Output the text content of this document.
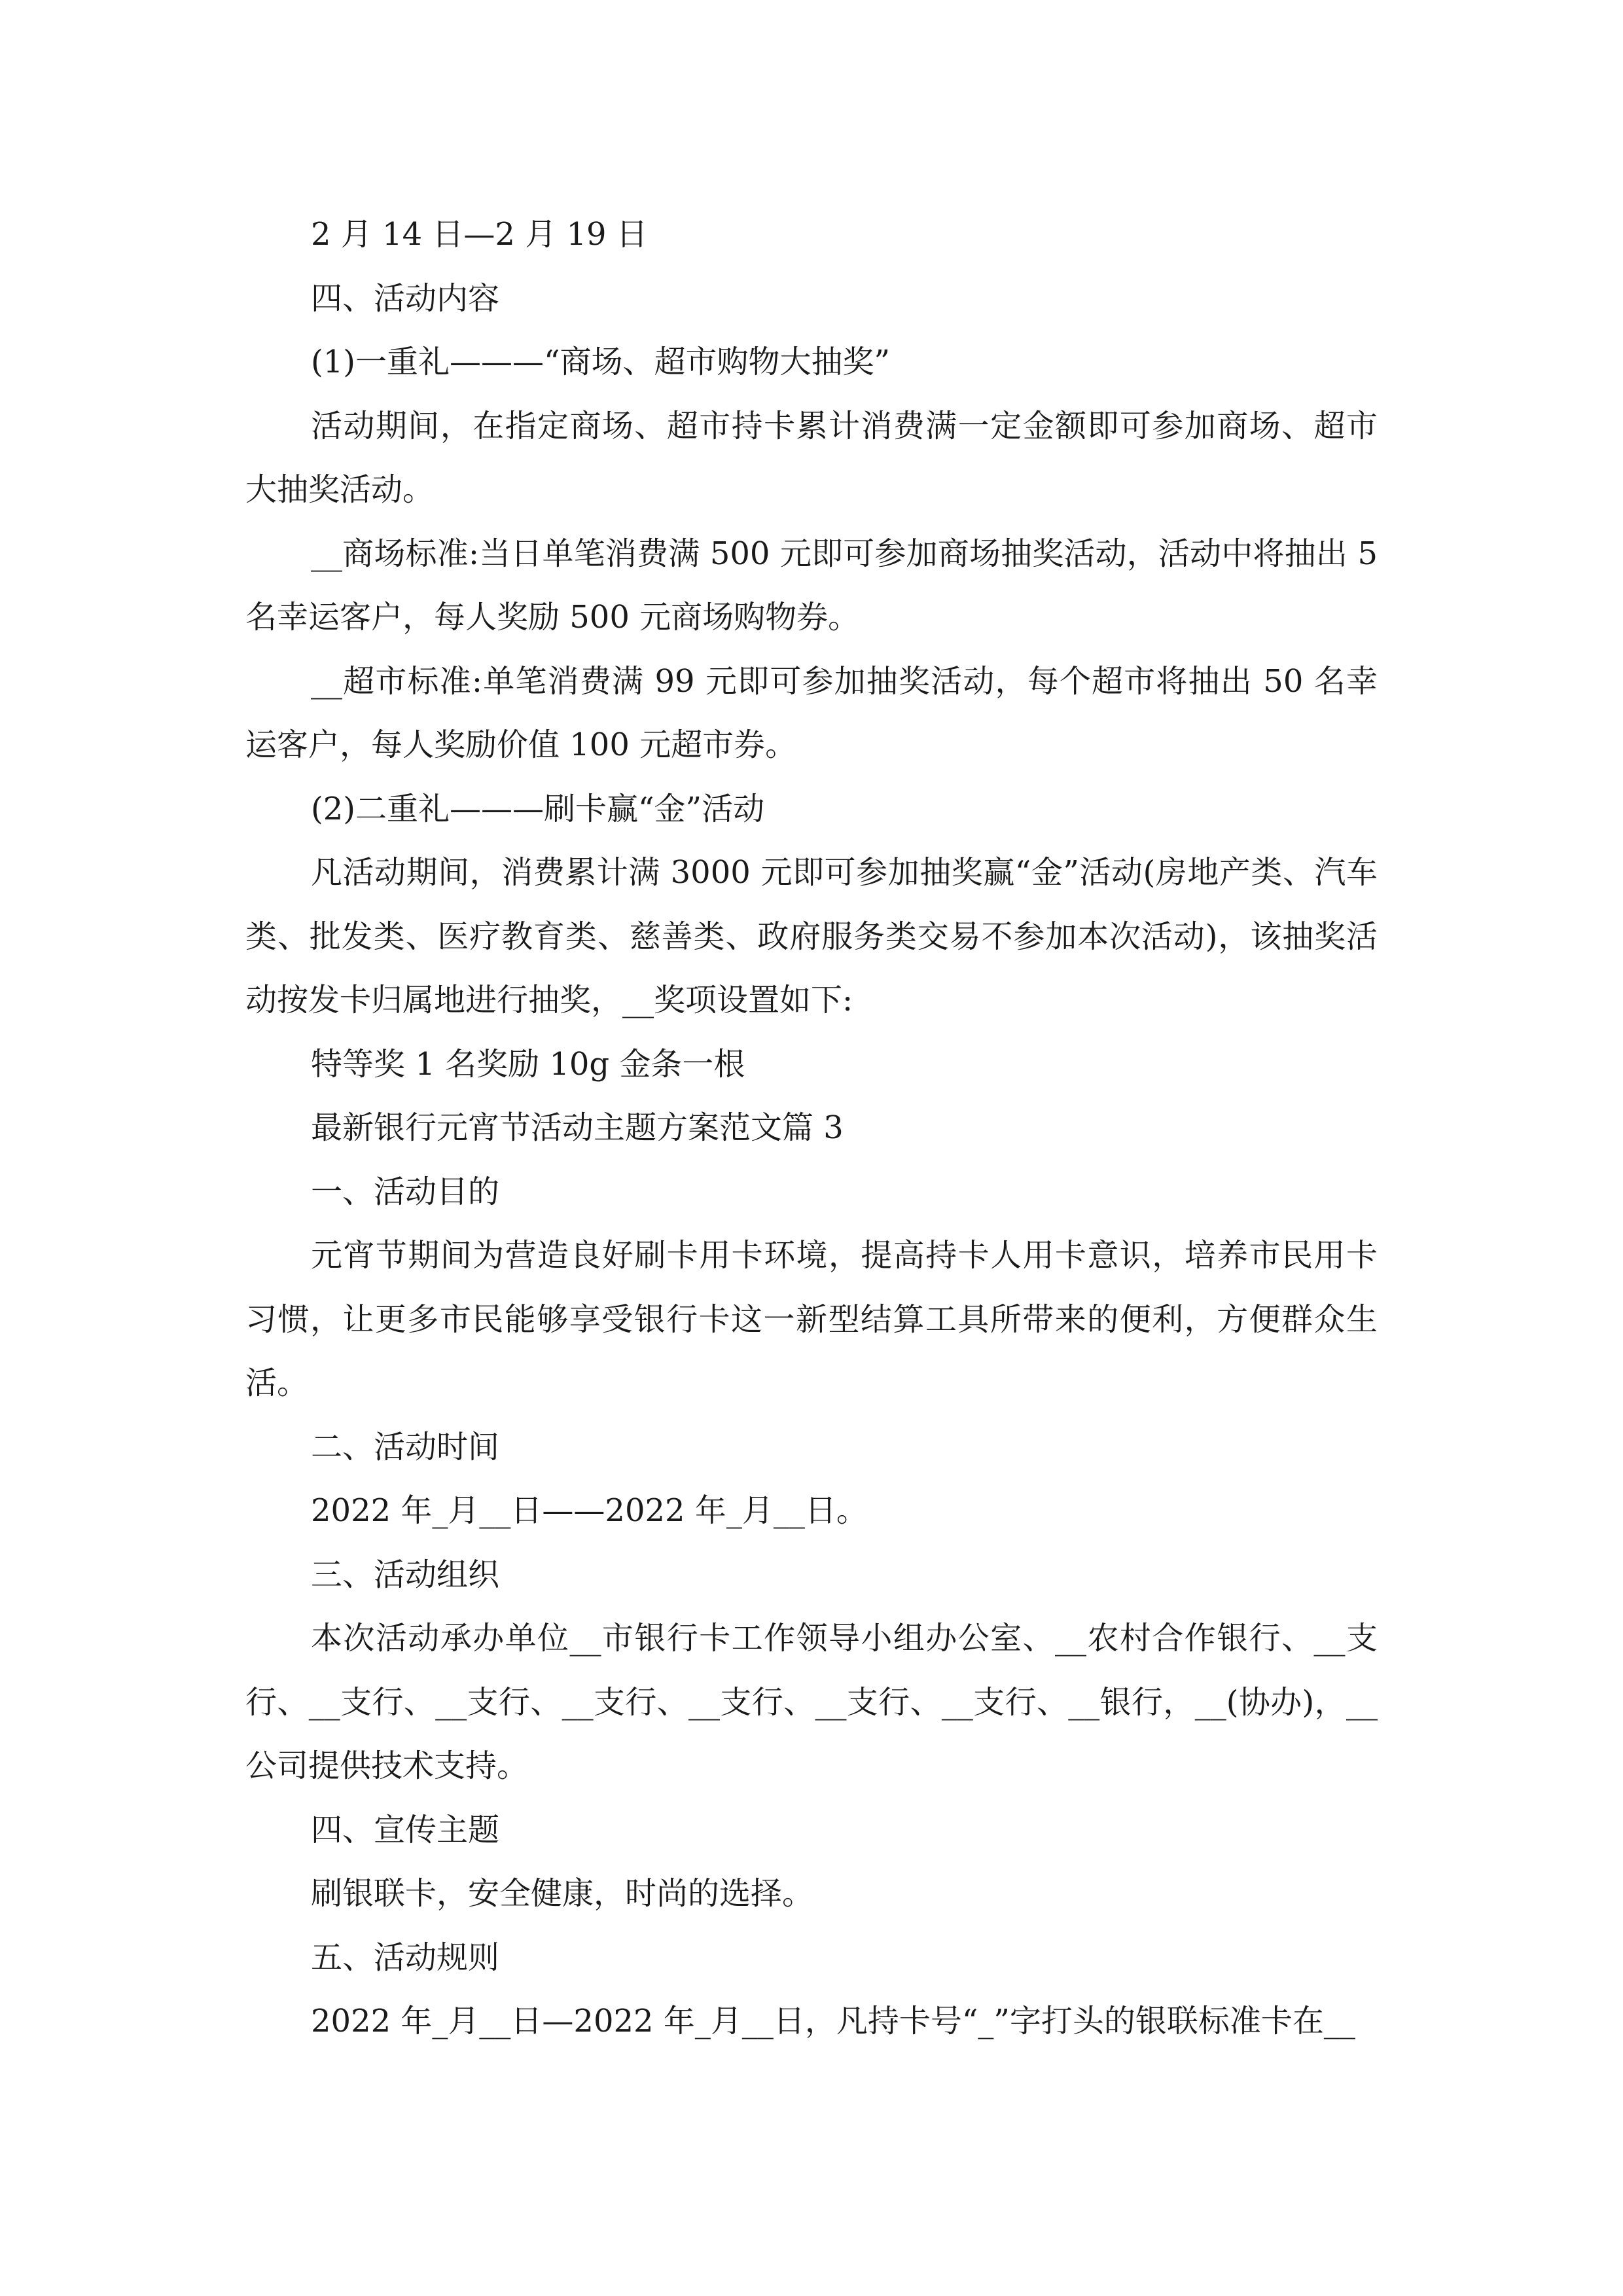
2 月 14 日—2 月 19 日

四、活动内容

(1)一重礼———“商场、超市购物大抽奖”

活动期间，在指定商场、超市持卡累计消费满一定金额即可参加商场、超市大抽奖活动。

__商场标准:当日单笔消费满 500 元即可参加商场抽奖活动，活动中将抽出 5 名幸运客户，每人奖励 500 元商场购物券。

__超市标准:单笔消费满 99 元即可参加抽奖活动，每个超市将抽出 50 名幸运客户，每人奖励价值 100 元超市券。

(2)二重礼———刷卡赢“金”活动

凡活动期间，消费累计满 3000 元即可参加抽奖赢“金”活动(房地产类、汽车类、批发类、医疗教育类、慈善类、政府服务类交易不参加本次活动)，该抽奖活动按发卡归属地进行抽奖，__奖项设置如下:

特等奖 1 名奖励 10g 金条一根

最新银行元宵节活动主题方案范文篇 3

一、活动目的

元宵节期间为营造良好刷卡用卡环境，提高持卡人用卡意识，培养市民用卡习惯，让更多市民能够享受银行卡这一新型结算工具所带来的便利，方便群众生活。

二、活动时间

2022 年_月__日——2022 年_月__日。

三、活动组织

本次活动承办单位__市银行卡工作领导小组办公室、__农村合作银行、__支行、__支行、__支行、__支行、__支行、__支行、__支行、__银行，__(协办)，__公司提供技术支持。

四、宣传主题

刷银联卡，安全健康，时尚的选择。

五、活动规则

2022 年_月__日—2022 年_月__日，凡持卡号“_”字打头的银联标准卡在__
